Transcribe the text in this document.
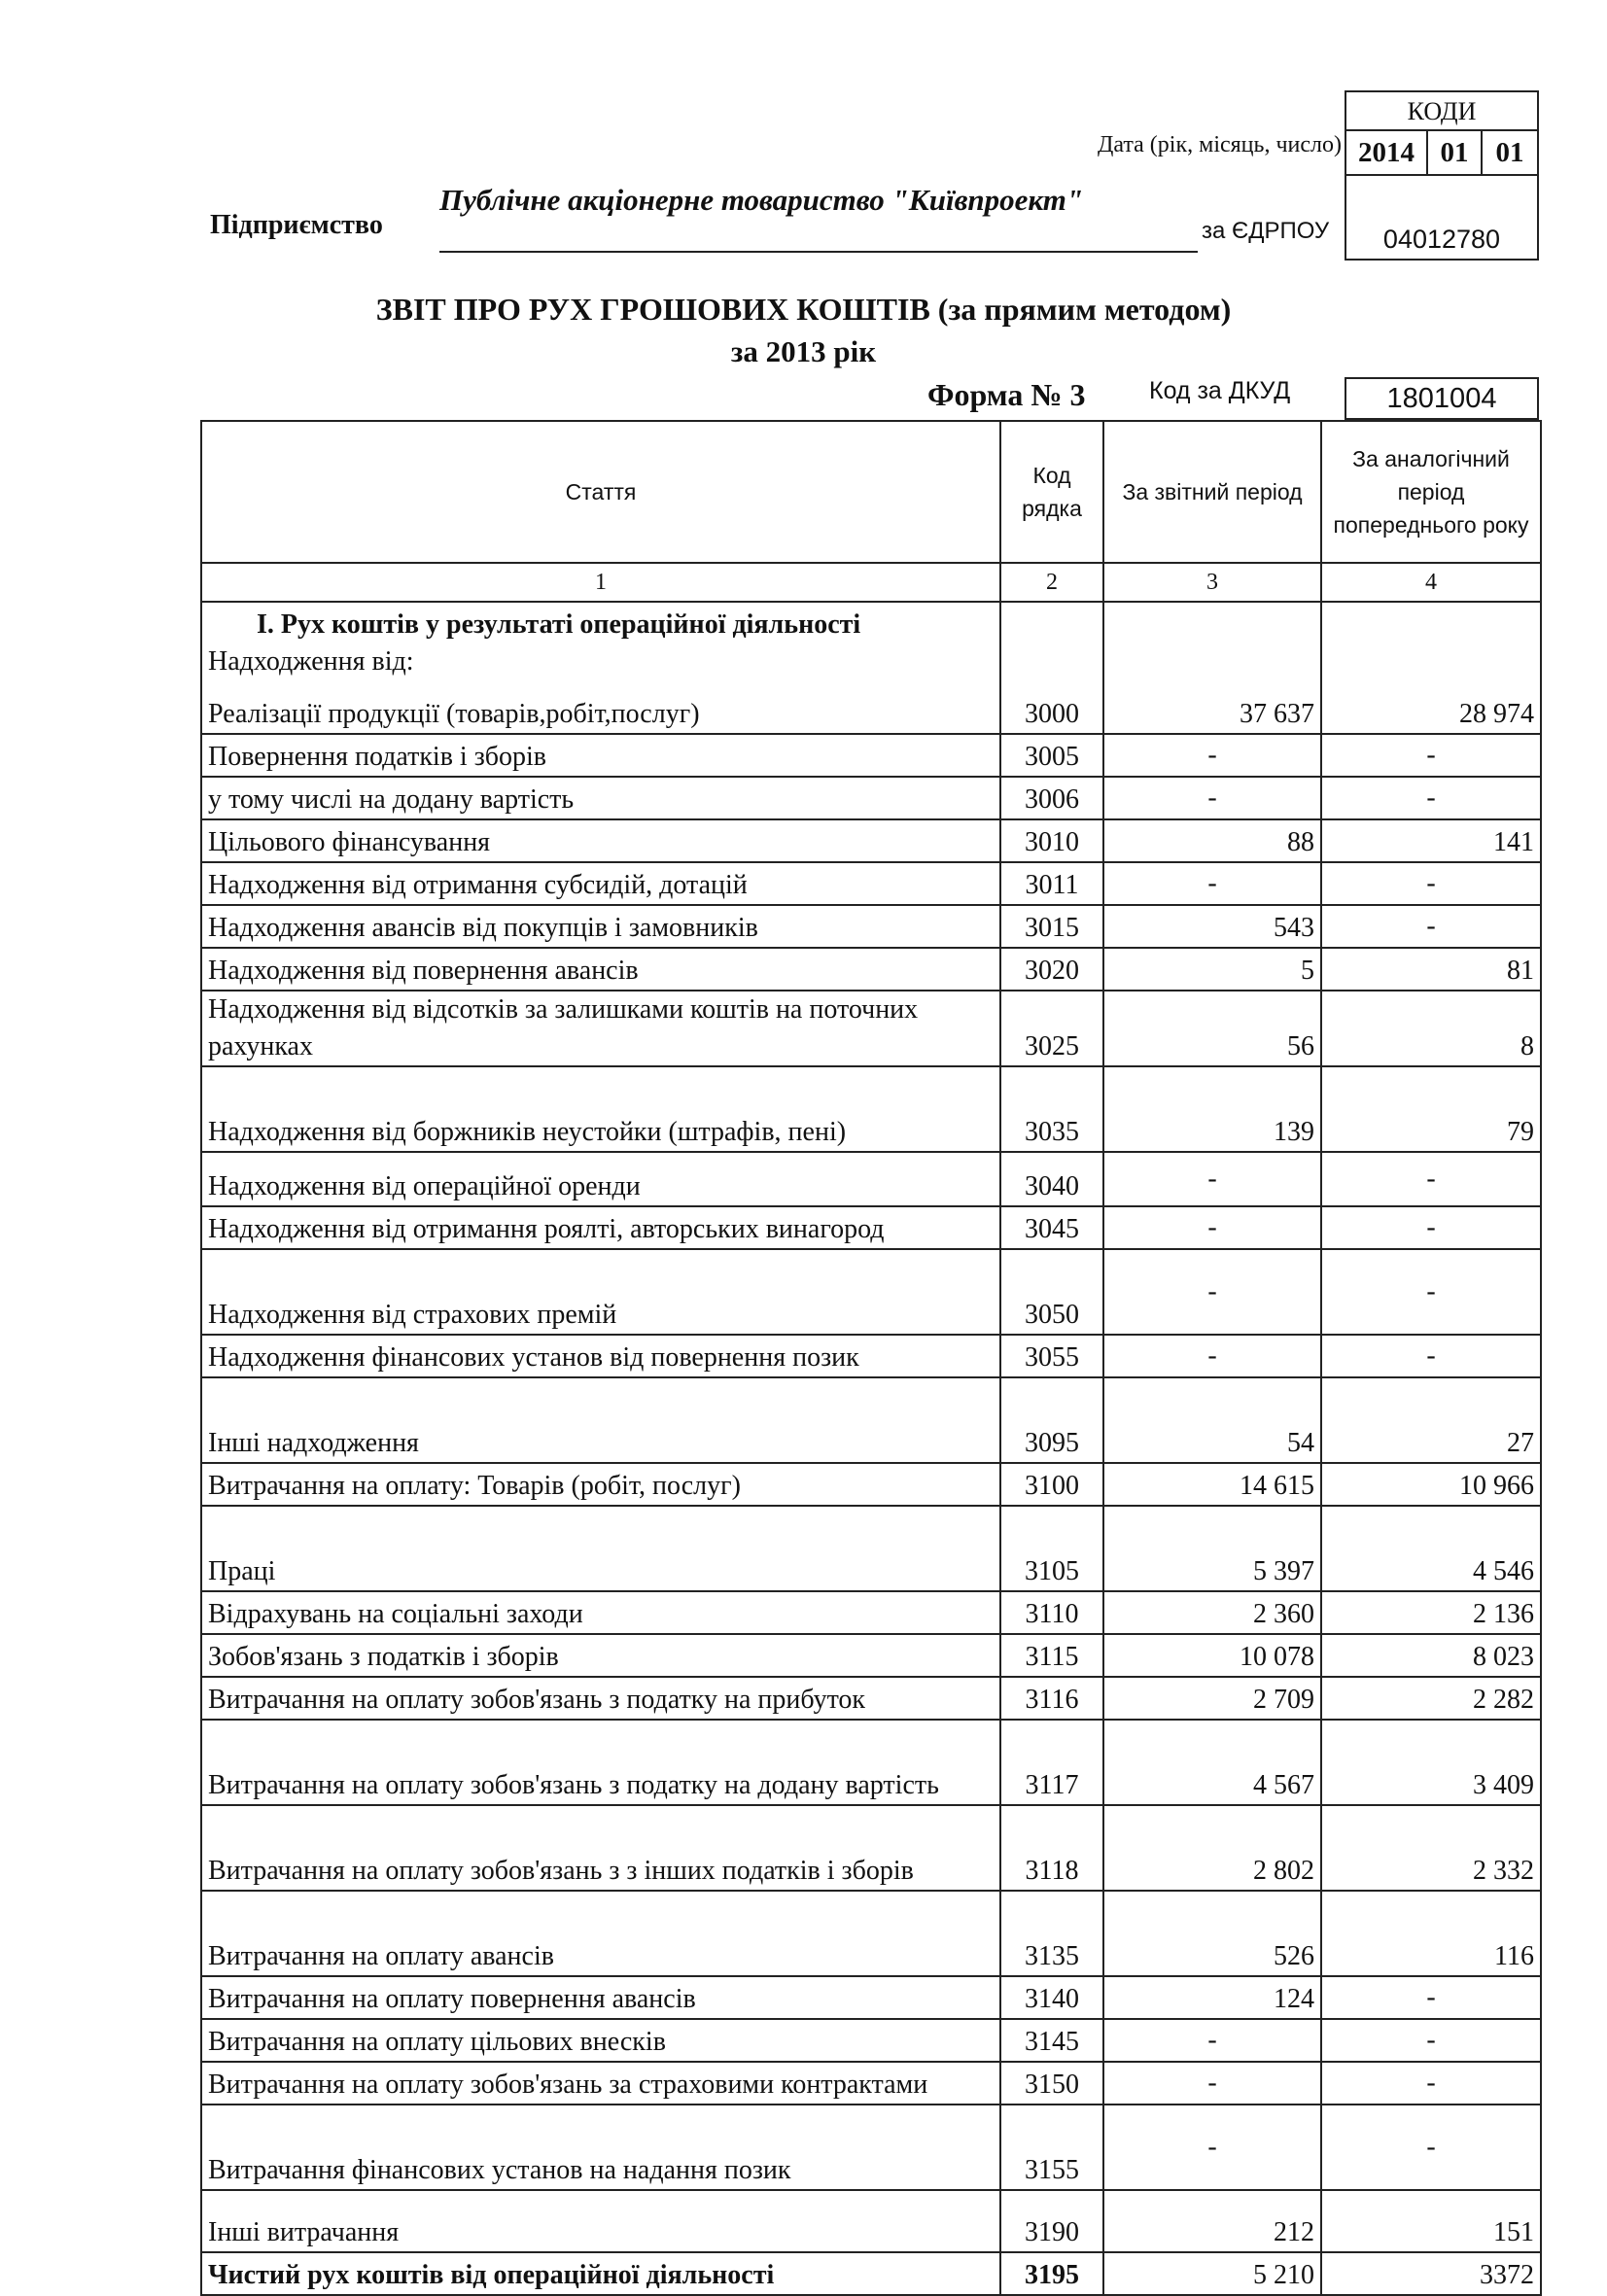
КОДИ
2014 01 01
04012780
Дата (рік, місяць, число)
Підприємство
Публічне акціонерне товариство "Київпроект"
за ЄДРПОУ
ЗВІТ ПРО РУХ ГРОШОВИХ КОШТІВ (за прямим методом)
за 2013 рік
Форма № 3	Код за ДКУД	1801004
Стаття	Код рядка	За звітний період	За аналогічний період попереднього року
1	2	3	4

I. Рух коштів у результаті операційної діяльності
Надходження від:
Реалізації продукції (товарів,робіт,послуг)	3000	37 637	28 974
Повернення податків і зборів	3005	-	-
у тому числі на додану вартість	3006	-	-
Цільового фінансування	3010	88	141
Надходження від отримання субсидій, дотацій	3011	-	-
Надходження авансів від покупців і замовників	3015	543	-
Надходження від повернення авансів	3020	5	81
Надходження від відсотків за залишками коштів на поточних рахунках	3025	56	8
Надходження від боржників неустойки (штрафів, пені)	3035	139	79
Надходження від операційної оренди	3040	-	-
Надходження від отримання роялті, авторських винагород	3045	-	-
Надходження від страхових премій	3050	-	-
Надходження фінансових установ від повернення позик	3055	-	-
Інші надходження	3095	54	27
Витрачання на оплату: Товарів (робіт, послуг)	3100	14 615	10 966
Праці	3105	5 397	4 546
Відрахувань на соціальні заходи	3110	2 360	2 136
Зобов'язань з податків і зборів	3115	10 078	8 023
Витрачання на оплату зобов'язань з податку на прибуток	3116	2 709	2 282
Витрачання на оплату зобов'язань з податку на додану вартість	3117	4 567	3 409
Витрачання на оплату зобов'язань з з інших податків і зборів	3118	2 802	2 332
Витрачання на оплату авансів	3135	526	116
Витрачання на оплату повернення авансів	3140	124	-
Витрачання на оплату цільових внесків	3145	-	-
Витрачання на оплату зобов'язань за страховими контрактами	3150	-	-
Витрачання фінансових установ на надання позик	3155	-	-
Інші витрачання	3190	212	151
Чистий рух коштів від операційної діяльності	3195	5 210	3372
